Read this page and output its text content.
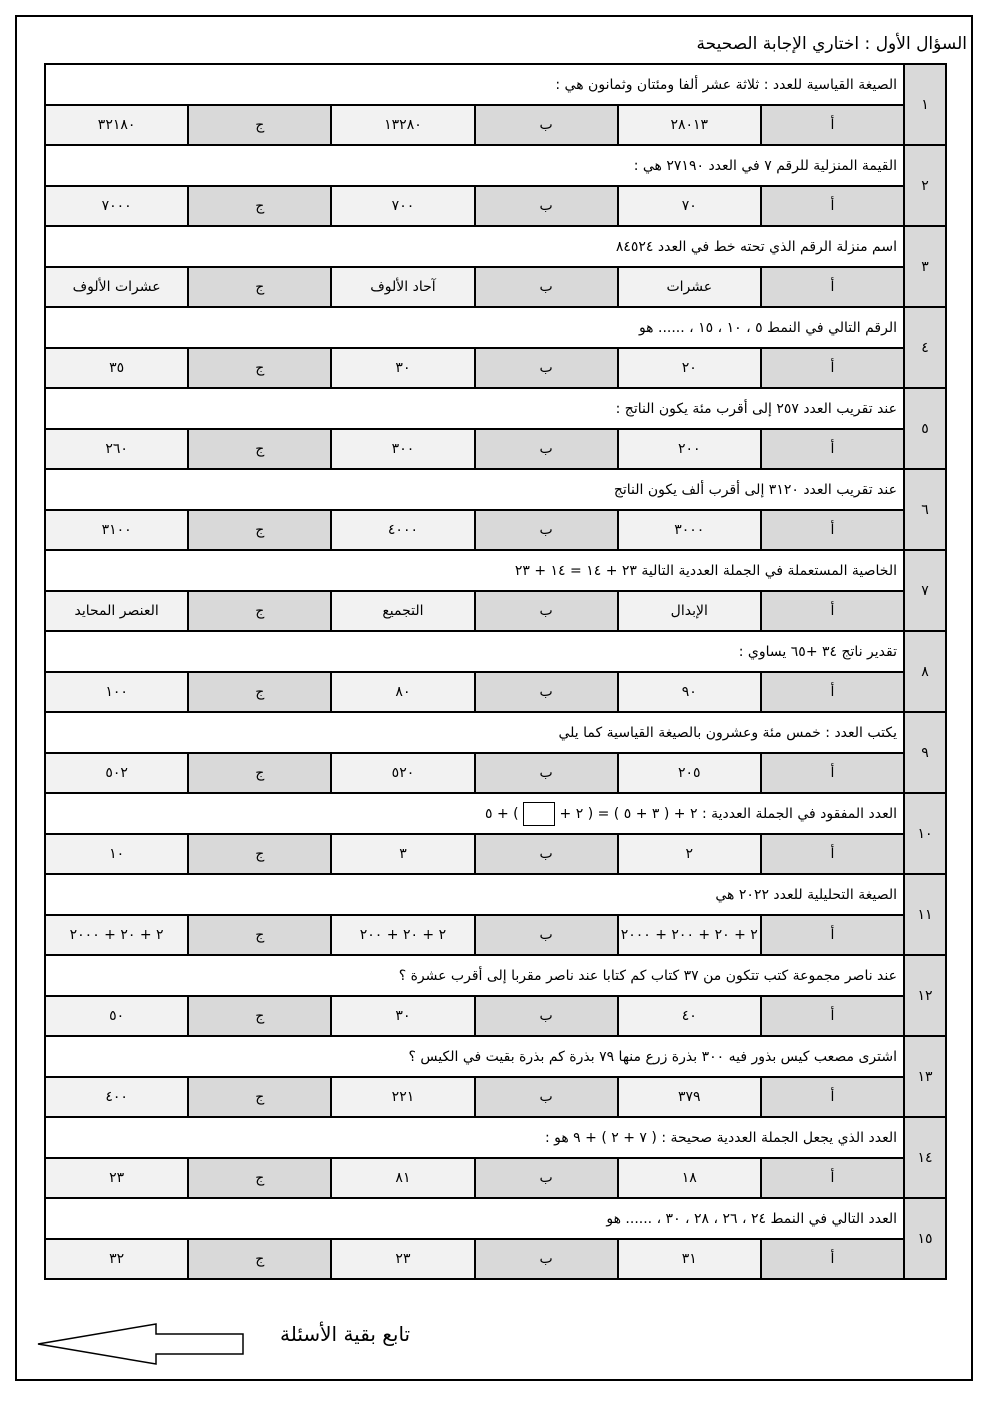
السؤال الأول : اختاري الإجابة الصحيحة
١	الصيغة القياسية للعدد : ثلاثة عشر ألفا ومئتان وثمانون هي :					
	أ	٢٨٠١٣	ب	١٣٢٨٠	ج	٣٢١٨٠
٢	القيمة المنزلية للرقم ٧ في العدد ٢٧١٩٠ هي :					
	أ	٧٠	ب	٧٠٠	ج	٧٠٠٠
٣	اسم منزلة الرقم الذي تحته خط في العدد ٨٤٥٢٤					
	أ	عشرات	ب	آحاد الألوف	ج	عشرات الألوف
٤	الرقم التالي في النمط ٥ ، ١٠ ، ١٥ ، ...... هو					
	أ	٢٠	ب	٣٠	ج	٣٥
٥	عند تقريب العدد ٢٥٧ إلى أقرب مئة يكون الناتج :					
	أ	٢٠٠	ب	٣٠٠	ج	٢٦٠
٦	عند تقريب العدد ٣١٢٠ إلى أقرب ألف يكون الناتج					
	أ	٣٠٠٠	ب	٤٠٠٠	ج	٣١٠٠
٧	الخاصية المستعملة في الجملة العددية التالية ٢٣ + ١٤ = ١٤ + ٢٣					
	أ	الإبدال	ب	التجميع	ج	العنصر المحايد
٨	تقدير ناتج ٣٤ +٦٥ يساوي :					
	أ	٩٠	ب	٨٠	ج	١٠٠
٩	يكتب العدد : خمس مئة وعشرون بالصيغة القياسية كما يلي					
	أ	٢٠٥	ب	٥٢٠	ج	٥٠٢
١٠	العدد المفقود في الجملة العددية : ٢ + ( ٣ + ٥ ) = ( ٢ +  ) + ٥					
	أ	٢	ب	٣	ج	١٠
١١	الصيغة التحليلية للعدد ٢٠٢٢ هي					
	أ	٢ + ٢٠ + ٢٠٠ + ٢٠٠٠	ب	٢ + ٢٠ + ٢٠٠	ج	٢ + ٢٠ + ٢٠٠٠
١٢	عند ناصر مجموعة كتب تتكون من ٣٧ كتاب كم كتابا عند ناصر مقربا إلى أقرب عشرة ؟					
	أ	٤٠	ب	٣٠	ج	٥٠
١٣	اشترى مصعب كيس بذور فيه ٣٠٠ بذرة زرع منها ٧٩ بذرة كم بذرة بقيت في الكيس ؟					
	أ	٣٧٩	ب	٢٢١	ج	٤٠٠
١٤	العدد الذي يجعل الجملة العددية صحيحة : ( ٧ + ٢ ) + ٩ هو :					
	أ	١٨	ب	٨١	ج	٢٣
١٥	العدد التالي في النمط ٢٤ ، ٢٦ ، ٢٨ ، ٣٠ ، ...... هو					
	أ	٣١	ب	٢٣	ج	٣٢
تابع بقية الأسئلة
